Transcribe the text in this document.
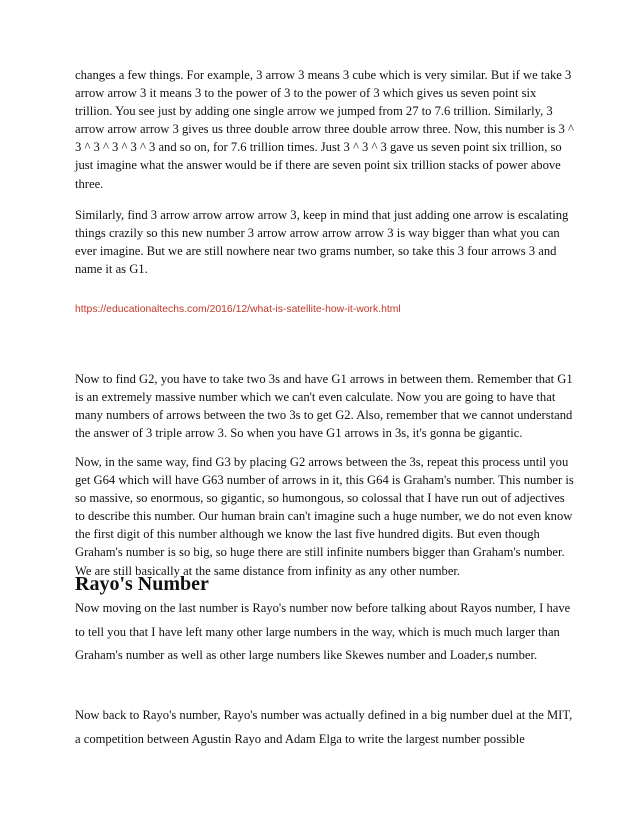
changes a few things. For example, 3 arrow 3 means 3 cube which is very similar. But if we take 3 arrow arrow 3 it means 3 to the power of 3 to the power of 3 which gives us seven point six trillion. You see just by adding one single arrow we jumped from 27 to 7.6 trillion. Similarly, 3 arrow arrow arrow 3 gives us three double arrow three double arrow three. Now, this number is 3 ^ 3 ^ 3 ^ 3 ^ 3 ^ 3 and so on, for 7.6 trillion times. Just 3 ^ 3 ^ 3 gave us seven point six trillion, so just imagine what the answer would be if there are seven point six trillion stacks of power above three.

Similarly, find 3 arrow arrow arrow arrow 3, keep in mind that just adding one arrow is escalating things crazily so this new number 3 arrow arrow arrow arrow 3 is way bigger than what you can ever imagine. But we are still nowhere near two grams number, so take this 3 four arrows 3 and name it as G1.

https://educationaltechs.com/2016/12/what-is-satellite-how-it-work.html

Now to find G2, you have to take two 3s and have G1 arrows in between them. Remember that G1 is an extremely massive number which we can't even calculate. Now you are going to have that many numbers of arrows between the two 3s to get G2. Also, remember that we cannot understand the answer of 3 triple arrow 3. So when you have G1 arrows in 3s, it's gonna be gigantic.

Now, in the same way, find G3 by placing G2 arrows between the 3s, repeat this process until you get G64 which will have G63 number of arrows in it, this G64 is Graham's number. This number is so massive, so enormous, so gigantic, so humongous, so colossal that I have run out of adjectives to describe this number. Our human brain can't imagine such a huge number, we do not even know the first digit of this number although we know the last five hundred digits. But even though Graham's number is so big, so huge there are still infinite numbers bigger than Graham's number. We are still basically at the same distance from infinity as any other number.

Rayo's Number

Now moving on the last number is Rayo's number now before talking about Rayos number, I have to tell you that I have left many other large numbers in the way, which is much much larger than Graham's number as well as other large numbers like Skewes number and Loader,s number.

Now back to Rayo's number, Rayo's number was actually defined in a big number duel at the MIT, a competition between Agustin Rayo and Adam Elga to write the largest number possible
